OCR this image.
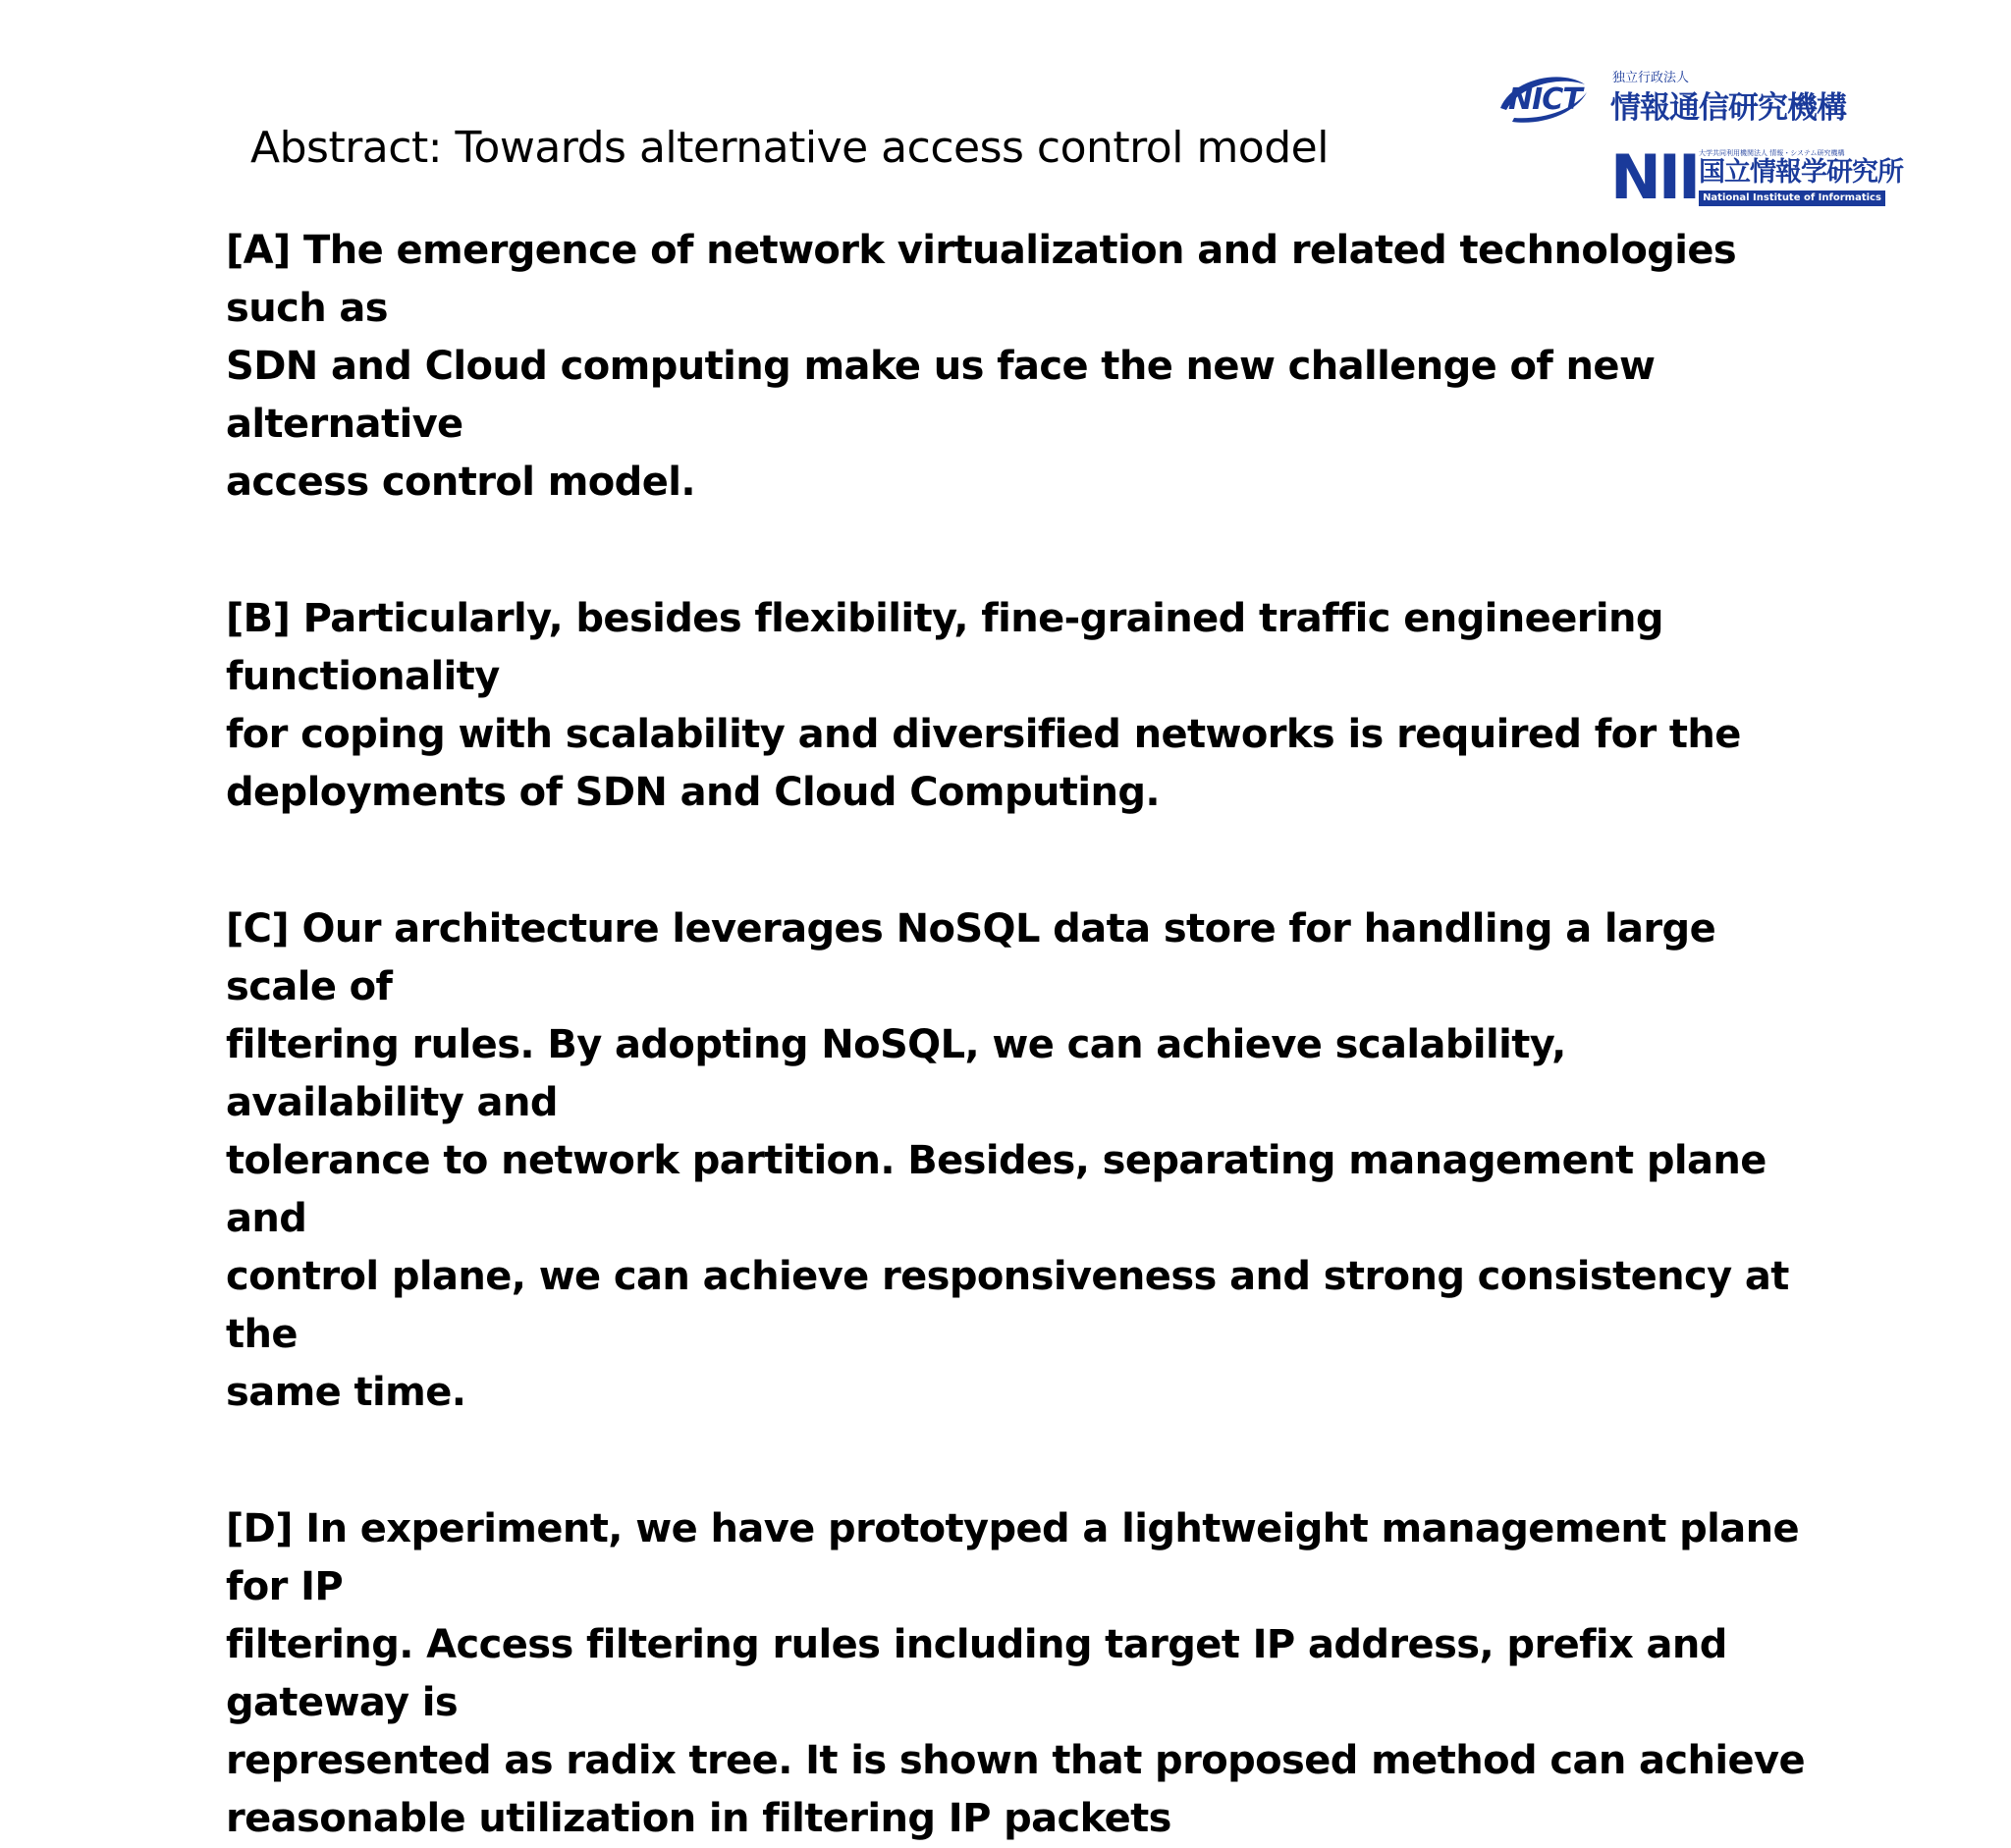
Abstract: Towards alternative access control model
NICT
独立行政法人
情報通信研究機構
NII 大学共同利用機関法人 情報・システム研究機構
国立情報学研究所
National Institute of Informatics

[A] The emergence of network virtualization and related technologies such as
SDN and Cloud computing make us face the new challenge of new alternative
access control model.

[B] Particularly, besides flexibility, fine-grained traffic engineering functionality
for coping with scalability and diversified networks is required for the
deployments of SDN and Cloud Computing.

[C] Our architecture leverages NoSQL data store for handling a large scale of
filtering rules. By adopting NoSQL, we can achieve scalability, availability and
tolerance to network partition. Besides, separating management plane and
control plane, we can achieve responsiveness and strong consistency at the
same time.

[D] In experiment, we have prototyped a lightweight management plane for IP
filtering. Access filtering rules including target IP address, prefix and gateway is
represented as radix tree. It is shown that proposed method can achieve
reasonable utilization in filtering IP packets
